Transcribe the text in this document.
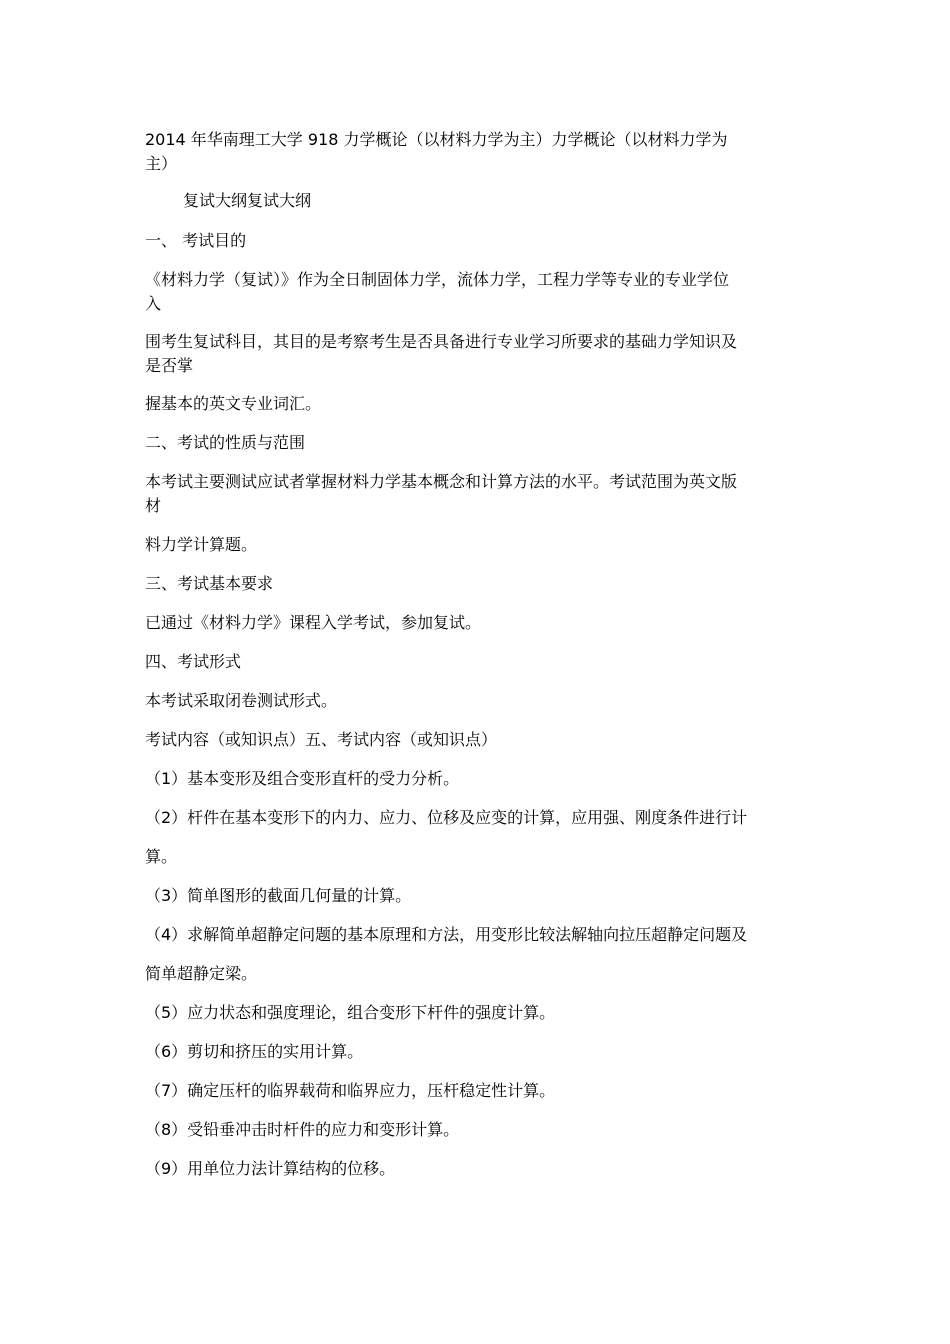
2014 年华南理工大学 918 力学概论（以材料力学为主）力学概论（以材料力学为
主）
复试大纲复试大纲
一、 考试目的
《材料力学（复试）》作为全日制固体力学，流体力学，工程力学等专业的专业学位
入
围考生复试科目，其目的是考察考生是否具备进行专业学习所要求的基础力学知识及
是否掌
握基本的英文专业词汇。
二、考试的性质与范围
本考试主要测试应试者掌握材料力学基本概念和计算方法的水平。考试范围为英文版
材
料力学计算题。
三、考试基本要求
已通过《材料力学》课程入学考试，参加复试。
四、考试形式
本考试采取闭卷测试形式。
考试内容（或知识点）五、考试内容（或知识点）
（1）基本变形及组合变形直杆的受力分析。
（2）杆件在基本变形下的内力、应力、位移及应变的计算，应用强、刚度条件进行计
算。
（3）简单图形的截面几何量的计算。
（4）求解简单超静定问题的基本原理和方法，用变形比较法解轴向拉压超静定问题及
简单超静定梁。
（5）应力状态和强度理论，组合变形下杆件的强度计算。
（6）剪切和挤压的实用计算。
（7）确定压杆的临界载荷和临界应力，压杆稳定性计算。
（8）受铅垂冲击时杆件的应力和变形计算。
（9）用单位力法计算结构的位移。
